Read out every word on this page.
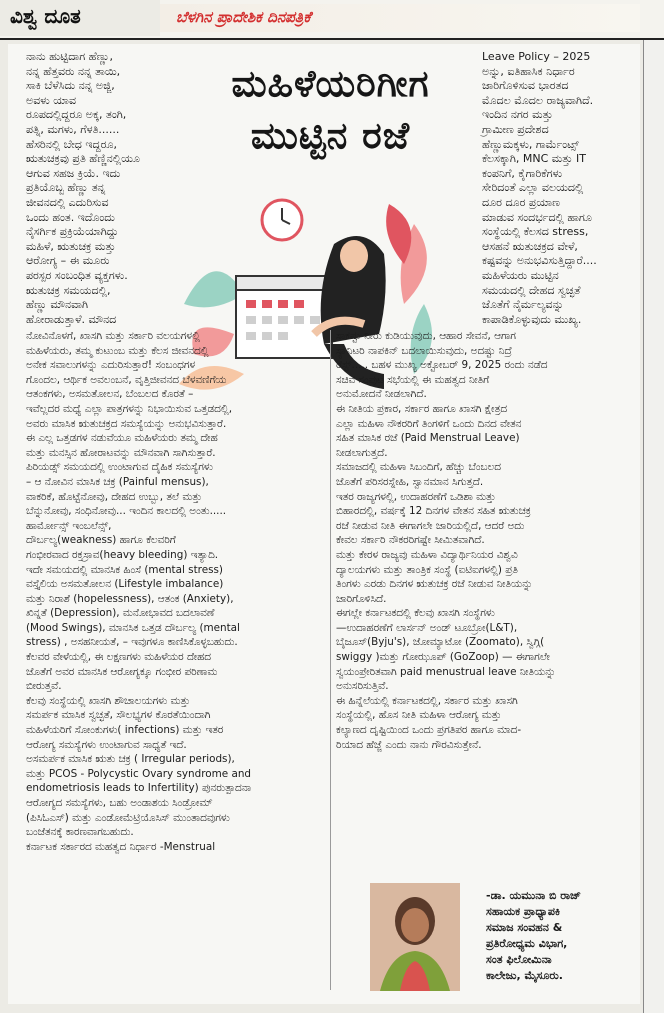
ವಿಶ್ವ ದೂತ	ಬೆಳಗಿನ ಪ್ರಾದೇಶಿಕ ದಿನಪತ್ರಿಕೆ
ಮಹಿಳೆಯರಿಗೀಗ
ಮುಟ್ಟಿನ ರಜೆ

ನಾನು ಹುಟ್ಟಿದಾಗ ಹೆಣ್ಣು,

ನನ್ನ ಹೆತ್ತವರು ನನ್ನ ತಾಯಿ,

ಸಾಕಿ ಬೆಳೆಸಿದು ನನ್ನ ಅಜ್ಜಿ,

ಅವಳು ಯಾವ

ರೂಪದಲ್ಲಿದ್ದರೂ ಅಕ್ಕ, ತಂಗಿ,

ಪತ್ನಿ, ಮಗಳು, ಗೆಳತಿ......

ಹೆಸರಿನಲ್ಲಿ ಬೇಧ ಇದ್ದರೂ,

ಋತುಚಕ್ರವು ಪ್ರತಿ ಹೆಣ್ಣಿನಲ್ಲಿಯೂ

ಆಗುವ ಸಹಜ ಕ್ರಿಯೆ. ಇದು

ಪ್ರತಿಯೊಬ್ಬ ಹೆಣ್ಣು ತನ್ನ

ಜೀವನದಲ್ಲಿ ಎದುರಿಸುವ

ಒಂದು ಹಂತ. ಇದೊಂದು

ನೈಸರ್ಗಿಕ ಪ್ರಕ್ರಿಯೆಯಾಗಿದ್ದು

ಮಹಿಳೆ, ಋತುಚಕ್ರ ಮತ್ತು

ಆರೋಗ್ಯ – ಈ ಮೂರು

ಪರಸ್ಪರ ಸಂಬಂಧಿತ ವ್ಯಕ್ತಗಳು.

ಋತುಚಕ್ರ ಸಮಯದಲ್ಲಿ,

ಹೆಣ್ಣು ಮೌನವಾಗಿ

ಹೋರಾಡುತ್ತಾಳೆ. ಮೌನದ

Leave Policy – 2025

ಅನ್ನು, ಐತಿಹಾಸಿಕ ನಿರ್ಧಾರ

ಜಾರಿಗೊಳಿಸುವ ಭಾರತದ

ಮೊದಲ ಮೊದಲ ರಾಜ್ಯವಾಗಿದೆ.

ಇಂದಿನ ನಗರ ಮತ್ತು

ಗ್ರಾಮೀಣ ಪ್ರದೇಶದ

ಹೆಣ್ಣುಮಕ್ಕಳು, ಗಾರ್ಮೆಂಟ್ಸ್

ಕೆಲಸಕ್ಕಾಗಿ, MNC ಮತ್ತು IT

ಕಂಪನಿಗೆ, ಕೈಗಾರಿಕೆಗಳು

ಸೇರಿದಂತೆ ಎಲ್ಲಾ ವಲಯದಲ್ಲಿ

ದೂರ ದೂರ ಪ್ರಯಾಣ

ಮಾಡುವ ಸಂದರ್ಭದಲ್ಲಿ ಹಾಗೂ

ಸಂಸ್ಥೆಯಲ್ಲಿ ಕೆಲಸದ stress,

ಆಸಹನೆ ಋತುಚಕ್ರದ ವೇಳೆ,

ಕಷ್ಟವನ್ನು ಅನುಭವಿಸುತ್ತಿದ್ದಾರೆ....

ಮಹಿಳೆಯರು ಮುಟ್ಟಿನ

ಸಮಯದಲ್ಲಿ ದೇಹದ ಸ್ವಚ್ಛತೆ

ಜೊತೆಗೆ ನೈರ್ಮಲ್ಯವನ್ನು

ಕಾಪಾಡಿಕೊಳ್ಳುವುದು ಮುಖ್ಯ.

ನೋವಿನೊಳಗೆ, ಖಾಸಗಿ ಮತ್ತು ಸರ್ಕಾರಿ ವಲಯಗಳಲ್ಲಿ

ಮಹಿಳೆಯರು, ತಮ್ಮ ಕುಟುಂಬ ಮತ್ತು ಕೆಲಸ ಜೀವನದಲ್ಲಿ

ಅನೇಕ ಸವಾಲುಗಳನ್ನು ಎದುರಿಸುತ್ತಾರೆ! ಸಂಬಂಧಗಳ

ಗೊಂದಲ, ಆರ್ಥಿಕ ಅವಲಂಬನೆ, ವೃತ್ತಿಜೀವನದ ಬೆಳವಣಿಗೆಯ

ಆತಂಕಗಳು, ಅಸಮತೋಲನ, ಬೆಂಬಲದ ಕೊರತೆ –

ಇವೆಲ್ಲದರ ಮಧ್ಯೆ ಎಲ್ಲಾ ಪಾತ್ರಗಳನ್ನು ನಿಭಾಯಿಸುವ ಒತ್ತಡದಲ್ಲಿ,

ಅವರು ಮಾಸಿಕ ಋತುಚಕ್ರದ ಸಮಸ್ಯೆಯನ್ನು ಅನುಭವಿಸುತ್ತಾರೆ.

ಈ ಎಲ್ಲ ಒತ್ತಡಗಳ ನಡುವೆಯೂ ಮಹಿಳೆಯರು ತಮ್ಮ ದೇಹ

ಮತ್ತು ಮನಸ್ಸಿನ ಹೋರಾಟವನ್ನು ಮೌನವಾಗಿ ಸಾಗಿಸುತ್ತಾರೆ.

ಪಿರಿಯಡ್ಸ್ ಸಮಯದಲ್ಲಿ ಉಂಟಾಗುವ ದೈಹಿಕ ಸಮಸ್ಯೆಗಳು

– ಆ ನೋವಿನ ಮಾಸಿಕ ಚಕ್ರ (Painful mensus),

ವಾಕರಿಕೆ, ಹೊಟ್ಟೆನೋವು, ದೇಹದ ಉಬ್ಬು, ತಲೆ ಮತ್ತು

ಬೆನ್ನುನೋವು, ಸಂಧಿನೋವು... ಇಂದಿನ ಕಾಲದಲ್ಲಿ ಅಂತು.....

ಹಾರ್ಮೋನ್ಸ್ ಇಂಬಲೆನ್ಸ್,

ದೌರ್ಬಲ್ಯ(weakness) ಹಾಗೂ ಕೆಲವರಿಗೆ

ಗಂಭೀರವಾದ ರಕ್ತಸ್ರಾವ(heavy bleeding) ಇತ್ಯಾದಿ.

ಇದೇ ಸಮಯದಲ್ಲಿ ಮಾನಸಿಕ ಹಿಂಸೆ (mental stress)

ವಸ್ತೈಲಿಯ ಅಸಮತೋಲನ (Lifestyle imbalance)

ಮತ್ತು ನಿರಾಶೆ (hopelessness), ಆತಂಕ (Anxiety),

ಖಿನ್ನತೆ (Depression), ಮನೋಭಾವದ ಬದಲಾವಣೆ

(Mood Swings), ಮಾನಸಿಕ ಒತ್ತಡ ದೌರ್ಬಲ್ಯ (mental

stress) , ಅಸಹನೀಯತೆ, – ಇವುಗಳೂ ಕಾಣಿಸಿಕೊಳ್ಳಬಹುದು.

ಕೆಲವರ ವೇಳೆಯಲ್ಲಿ, ಈ ಲಕ್ಷಣಗಳು ಮಹಿಳೆಯರ ದೇಹದ

ಜೊತೆಗೆ ಅವರ ಮಾನಸಿಕ ಆರೋಗ್ಯಕ್ಕೂ ಗಂಭೀರ ಪರಿಣಾಮ

ಬೀರುತ್ತವೆ.

ಕೆಲವು ಸಂಸ್ಥೆಯಲ್ಲಿ ಖಾಸಗಿ ಶೌಚಾಲಯಗಳು ಮತ್ತು

ಸಮರ್ಪಕ ಮಾಸಿಕ ಸ್ವಚ್ಛತೆ, ಸೌಲಭ್ಯಗಳ ಕೊರತೆಯಿಂದಾಗಿ

ಮಹಿಳೆಯರಿಗೆ ಸೋಂಕುಗಳು( infections) ಮತ್ತು ಇತರ

ಆರೋಗ್ಯ ಸಮಸ್ಯೆಗಳು ಉಂಟಾಗುವ ಸಾಧ್ಯತೆ ಇದೆ.

ಅಸಮರ್ಪಕ ಮಾಸಿಕ ಋತು ಚಕ್ರ ( Irregular periods),

ಮತ್ತು PCOS - Polycystic Ovary syndrome and

endometriosis leads to Infertility) ಪುನರುತ್ಪಾದನಾ

ಆರೋಗ್ಯದ ಸಮಸ್ಯೆಗಳು, ಬಹು ಅಂಡಾಶಯ ಸಿಂಡ್ರೋಮ್

(ಪಿಸಿಓಎಸ್) ಮತ್ತು ಎಂಡೋಮೆಟ್ರಿಯೊಸಿಸ್ ಮುಂತಾದವುಗಳು

ಬಂಜೆತನಕ್ಕೆ ಕಾರಣವಾಗಬಹುದು.

ಕರ್ನಾಟಕ ಸರ್ಕಾರದ ಮಹತ್ವದ ನಿರ್ಧಾರ -Menstrual

ಸಾಕಷ್ಟು ನೀರು ಕುಡಿಯುವುದು, ಆಹಾರ ಸೇವನೆ, ಆಗಾಗ

ಸ್ಯಾನಿಟರಿ ನಾಪಕಿನ್ ಬದಲಾಯಿಸುವುದು, ಅದಷ್ಟು ನಿದ್ರೆ

ರೆಸ್ಟ್..... ಬಹಳ ಮುಖ್ಯ ಅಕ್ಟೋಬರ್ 9, 2025 ರಂದು ನಡೆದ

ಸಚಿವ ಸಂಪುಟ ಸಭೆಯಲ್ಲಿ ಈ ಮಹತ್ವದ ನೀತಿಗೆ

ಅನುಮೋದನೆ ನೀಡಲಾಗಿದೆ.

ಈ ನೀತಿಯ ಪ್ರಕಾರ, ಸರ್ಕಾರ ಹಾಗೂ ಖಾಸಗಿ ಕ್ಷೇತ್ರದ

ಎಲ್ಲಾ ಮಹಿಳಾ ನೌಕರರಿಗೆ ತಿಂಗಳಿಗೆ ಒಂದು ದಿನದ ವೇತನ

ಸಹಿತ ಮಾಸಿಕ ರಜೆ (Paid Menstrual Leave)

ನೀಡಲಾಗುತ್ತದೆ.

ಸಮಾಜದಲ್ಲಿ ಮಹಿಳಾ ಸಿಬಂದಿಗೆ, ಹೆಚ್ಚು ಬೆಂಬಲದ

ಜೊತೆಗೆ ಪರಿಸರಸ್ನೇಹಿ, ಸ್ವಾನಮಾನ ಸಿಗುತ್ತದೆ.

ಇತರ ರಾಜ್ಯಗಳಲ್ಲಿ, ಉದಾಹರಣೆಗೆ ಒಡಿಶಾ ಮತ್ತು

ಬಿಹಾರದಲ್ಲಿ, ವರ್ಷಕ್ಕೆ 12 ದಿನಗಳ ವೇತನ ಸಹಿತ ಋತುಚಕ್ರ

ರಜೆ ನೀಡುವ ನೀತಿ ಈಗಾಗಲೇ ಜಾರಿಯಲ್ಲಿದೆ, ಆದರೆ ಅದು

ಕೇವಲ ಸರ್ಕಾರಿ ನೌಕರರಿಗಷ್ಟೇ ಸೀಮಿತವಾಗಿದೆ.

ಮತ್ತು ಕೇರಳ ರಾಜ್ಯವು ಮಹಿಳಾ ವಿದ್ಯಾರ್ಥಿನಿಯರ ವಿಶ್ವವಿ

ದ್ಯಾಲಯಗಳು ಮತ್ತು ತಾಂತ್ರಿಕ ಸಂಸ್ಥೆ (ಐಟಿಐಗಳಲ್ಲಿ) ಪ್ರತಿ

ತಿಂಗಳು ಎರಡು ದಿನಗಳ ಋತುಚಕ್ರ ರಜೆ ನೀಡುವ ನೀತಿಯನ್ನು

ಜಾರಿಗೊಳಿಸಿದೆ.

ಈಗಲ್ಲೇ ಕರ್ನಾಟಕದಲ್ಲಿ ಕೆಲವು ಖಾಸಗಿ ಸಂಸ್ಥೆಗಳು

—ಉದಾಹರಣೆಗೆ ಲಾರ್ಸನ್ ಅಂಡ್ ಟೂಬ್ರೋ(L&T),

ಬೈಜೂಸ್(Byju's), ಜೋಮ್ಯಾಟೋ (Zoomato), ಸ್ವಿಗ್ಗಿ(

swiggy )ಮತ್ತು ಗೋಝೂಪ್ (GoZoop) — ಈಗಾಗಲೇ

ಸ್ವಯಂಪ್ರೇರಿತವಾಗಿ paid menustrual leave ನೀತಿಯನ್ನು

ಅನುಸರಿಸುತ್ತಿವೆ.

ಈ ಹಿನ್ನೆಲೆಯಲ್ಲಿ ಕರ್ನಾಟಕದಲ್ಲಿ, ಸರ್ಕಾರ ಮತ್ತು ಖಾಸಗಿ

ಸಂಸ್ಥೆಯಲ್ಲಿ, ಹೊಸ ನೀತಿ ಮಹಿಳಾ ಆರೋಗ್ಯ ಮತ್ತು

ಕಲ್ಯಾಣದ ದೃಷ್ಟಿಯಿಂದ ಒಂದು ಪ್ರಗತಿಪರ ಹಾಗೂ ಮಾದ-

ರಿಯಾದ ಹೆಜ್ಜೆ ಎಂದು ನಾನು ಗೌರವಿಸುತ್ತೇನೆ.

-ಡಾ. ಯಮುನಾ ಬಿ ರಾಜ್
ಸಹಾಯಕ ಪ್ರಾಧ್ಯಾಪಕಿ
ಸಮಾಜ ಸಂವಹನ &
ಪ್ರತಿರೋಧ್ಯಮ ವಿಭಾಗ,
ಸಂತ ಫಿಲೋಮಿನಾ
ಕಾಲೇಜು, ಮೈಸೂರು.
